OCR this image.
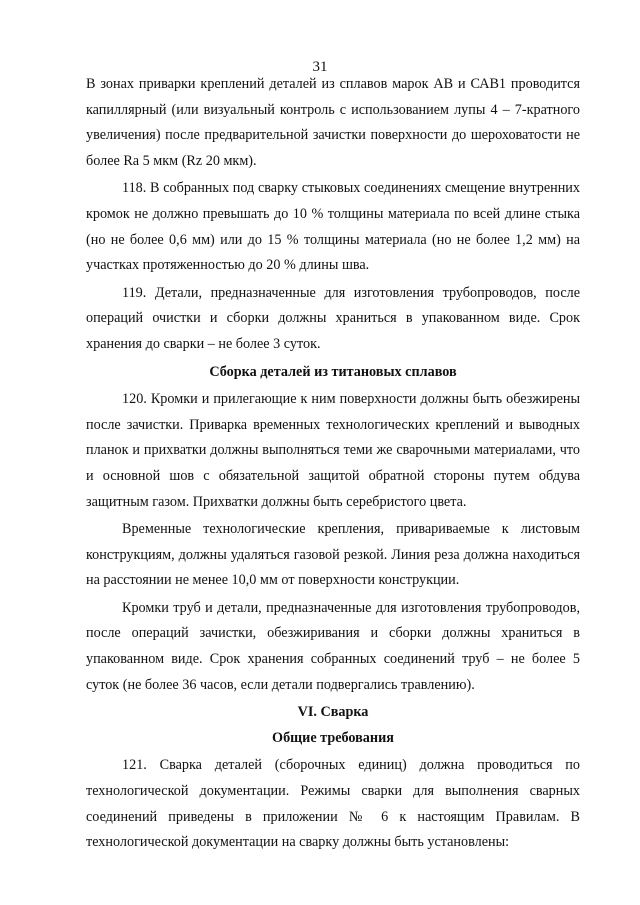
31

В зонах приварки креплений деталей из сплавов марок АВ и САВ1 проводится капиллярный (или визуальный контроль с использованием лупы 4 – 7-кратного увеличения) после предварительной зачистки поверхности до шероховатости не более Ra 5 мкм (Rz 20 мкм).

118. В собранных под сварку стыковых соединениях смещение внутренних кромок не должно превышать до 10 % толщины материала по всей длине стыка (но не более 0,6 мм) или до 15 % толщины материала (но не более 1,2 мм) на участках протяженностью до 20 % длины шва.

119. Детали, предназначенные для изготовления трубопроводов, после операций очистки и сборки должны храниться в упакованном виде. Срок хранения до сварки – не более 3 суток.

Сборка деталей из титановых сплавов

120. Кромки и прилегающие к ним поверхности должны быть обезжирены после зачистки. Приварка временных технологических креплений и выводных планок и прихватки должны выполняться теми же сварочными материалами, что и основной шов с обязательной защитой обратной стороны путем обдува защитным газом. Прихватки должны быть серебристого цвета.

Временные технологические крепления, привариваемые к листовым конструкциям, должны удаляться газовой резкой. Линия реза должна находиться на расстоянии не менее 10,0 мм от поверхности конструкции.

Кромки труб и детали, предназначенные для изготовления трубопроводов, после операций зачистки, обезжиривания и сборки должны храниться в упакованном виде. Срок хранения собранных соединений труб – не более 5 суток (не более 36 часов, если детали подвергались травлению).

VI. Сварка

Общие требования

121. Сварка деталей (сборочных единиц) должна проводиться по технологической документации. Режимы сварки для выполнения сварных соединений приведены в приложении № 6 к настоящим Правилам. В технологической документации на сварку должны быть установлены:
